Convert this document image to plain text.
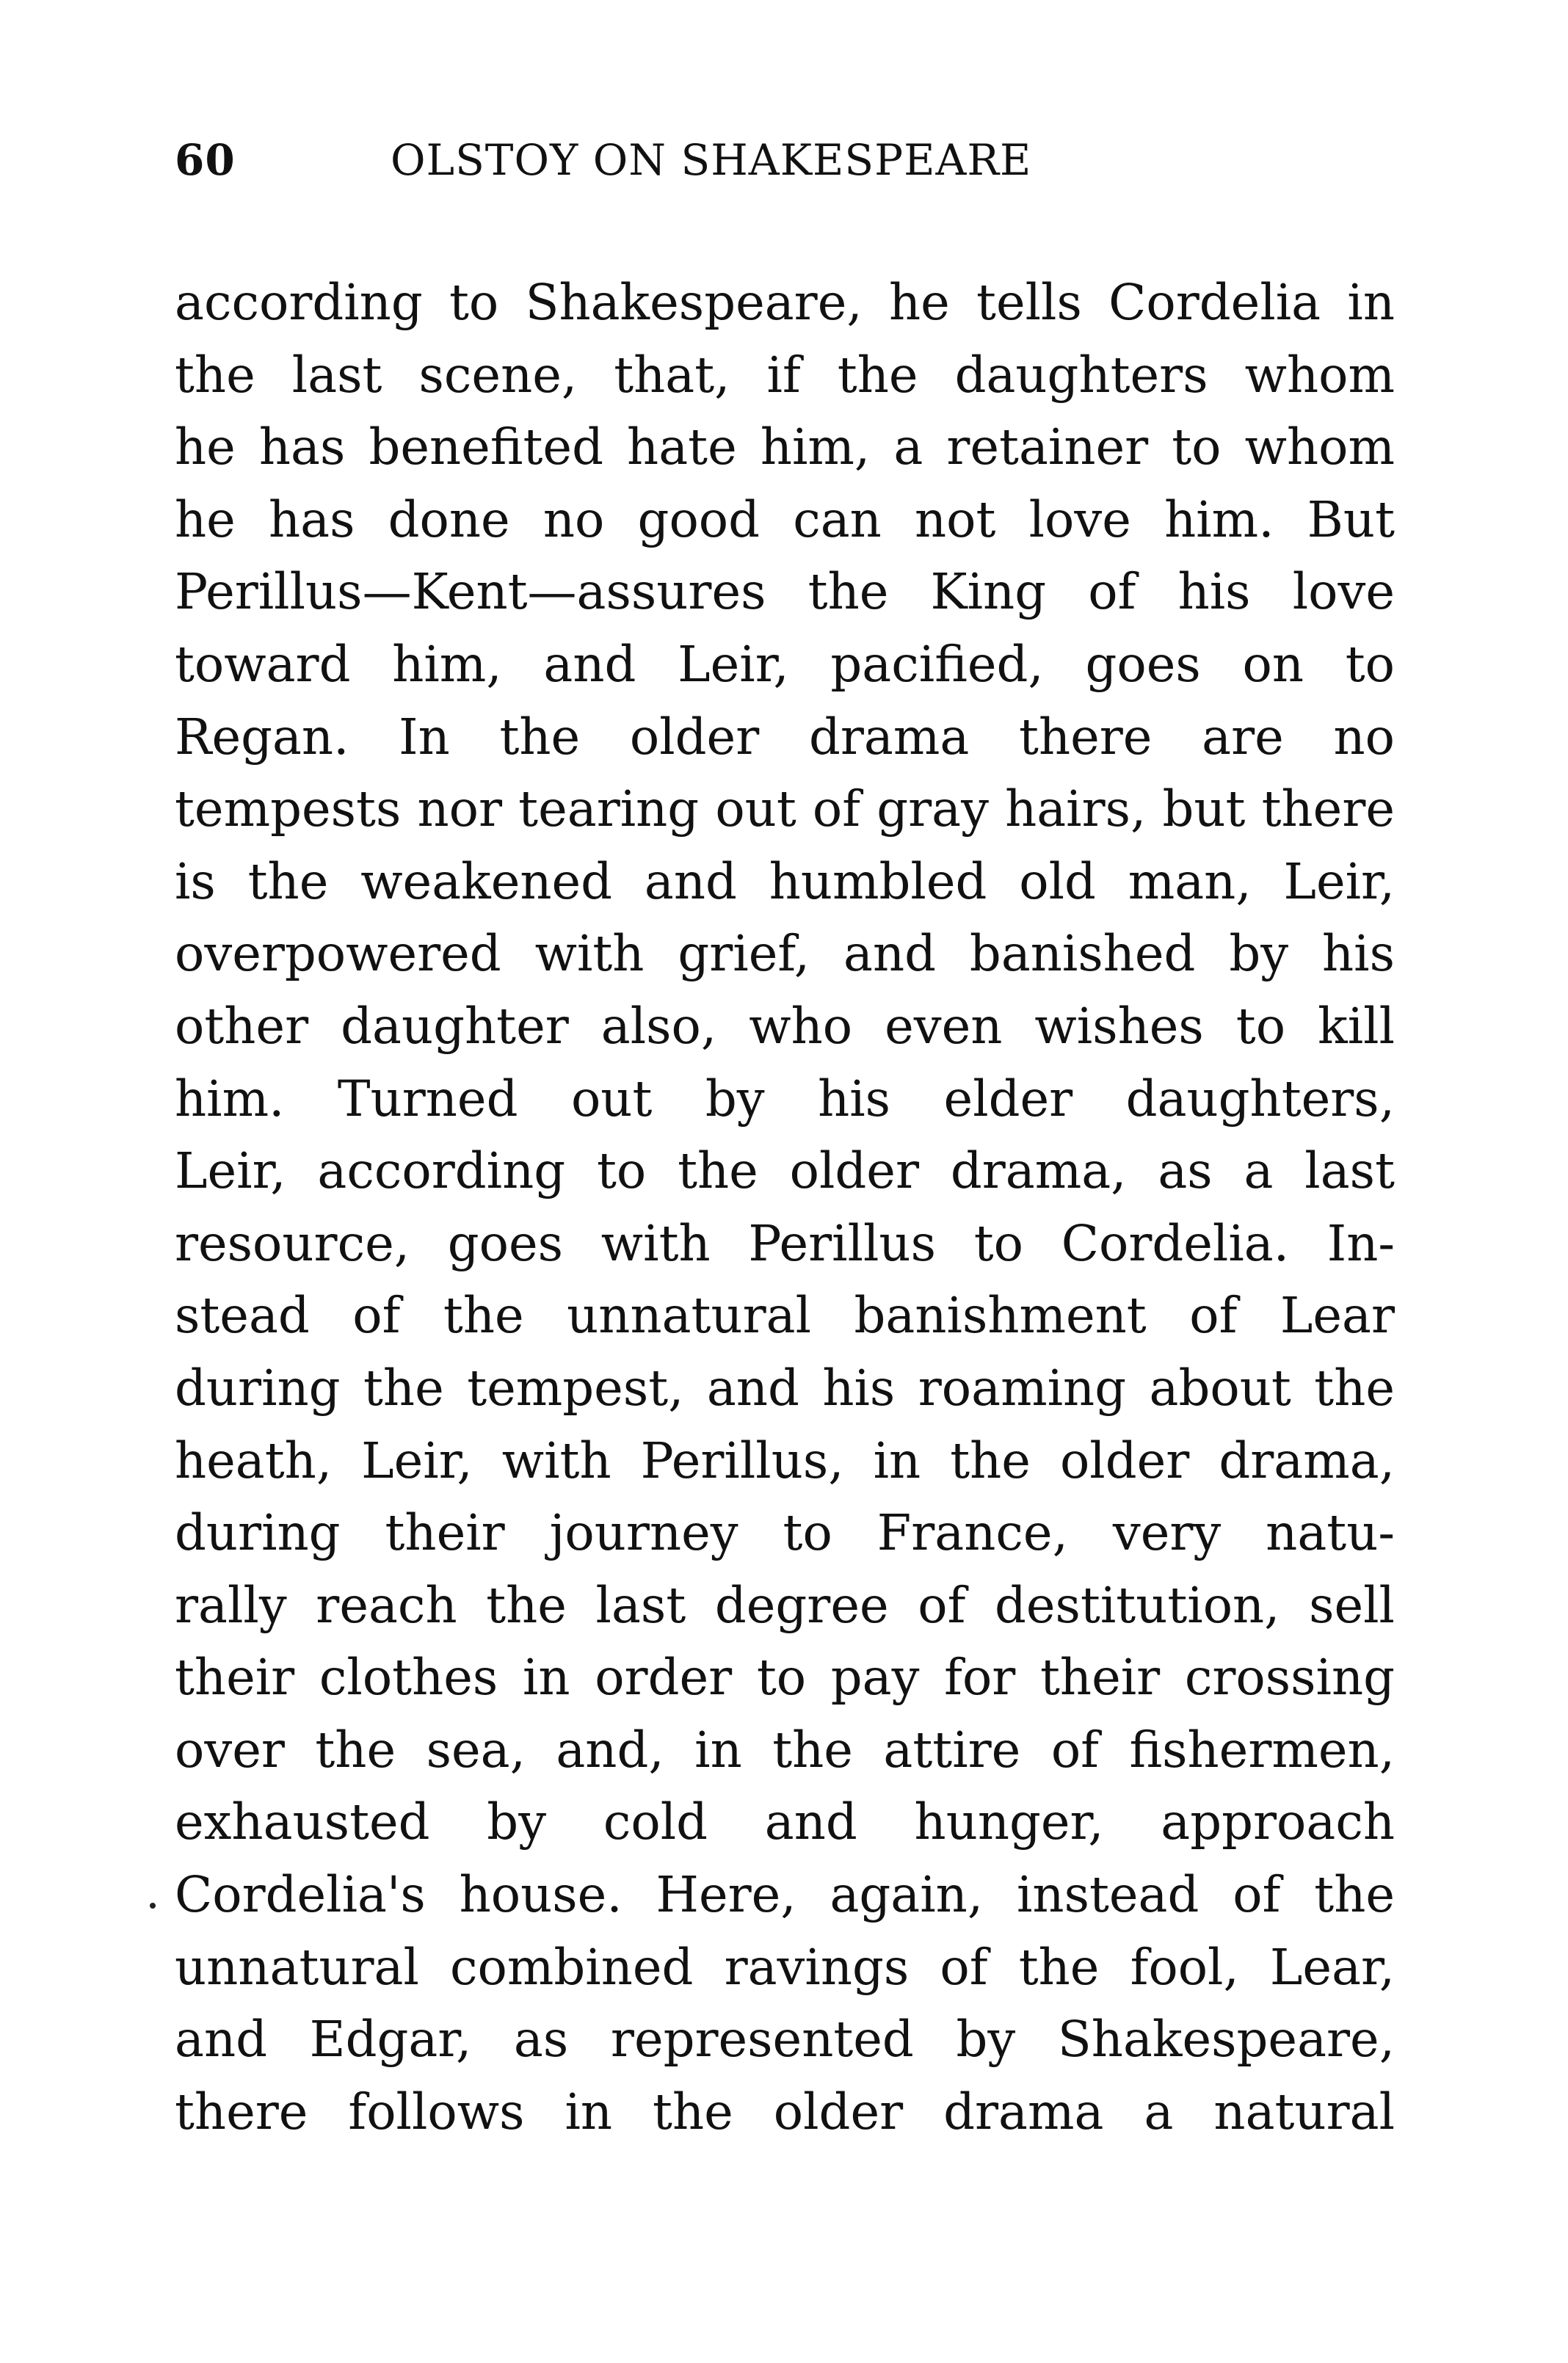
60	OLSTOY ON SHAKESPEARE
according to Shakespeare, he tells Cordelia in
the last scene, that, if the daughters whom
he has benefited hate him, a retainer to whom
he has done no good can not love him. But
Perillus—Kent—assures the King of his love
toward him, and Leir, pacified, goes on to
Regan. In the older drama there are no
tempests nor tearing out of gray hairs, but there
is the weakened and humbled old man, Leir,
overpowered with grief, and banished by his
other daughter also, who even wishes to kill
him. Turned out by his elder daughters,
Leir, according to the older drama, as a last
resource, goes with Perillus to Cordelia. In-
stead of the unnatural banishment of Lear
during the tempest, and his roaming about the
heath, Leir, with Perillus, in the older drama,
during their journey to France, very natu-
rally reach the last degree of destitution, sell
their clothes in order to pay for their crossing
over the sea, and, in the attire of fishermen,
exhausted by cold and hunger, approach
Cordelia's house. Here, again, instead of the
unnatural combined ravings of the fool, Lear,
and Edgar, as represented by Shakespeare,
there follows in the older drama a natural
